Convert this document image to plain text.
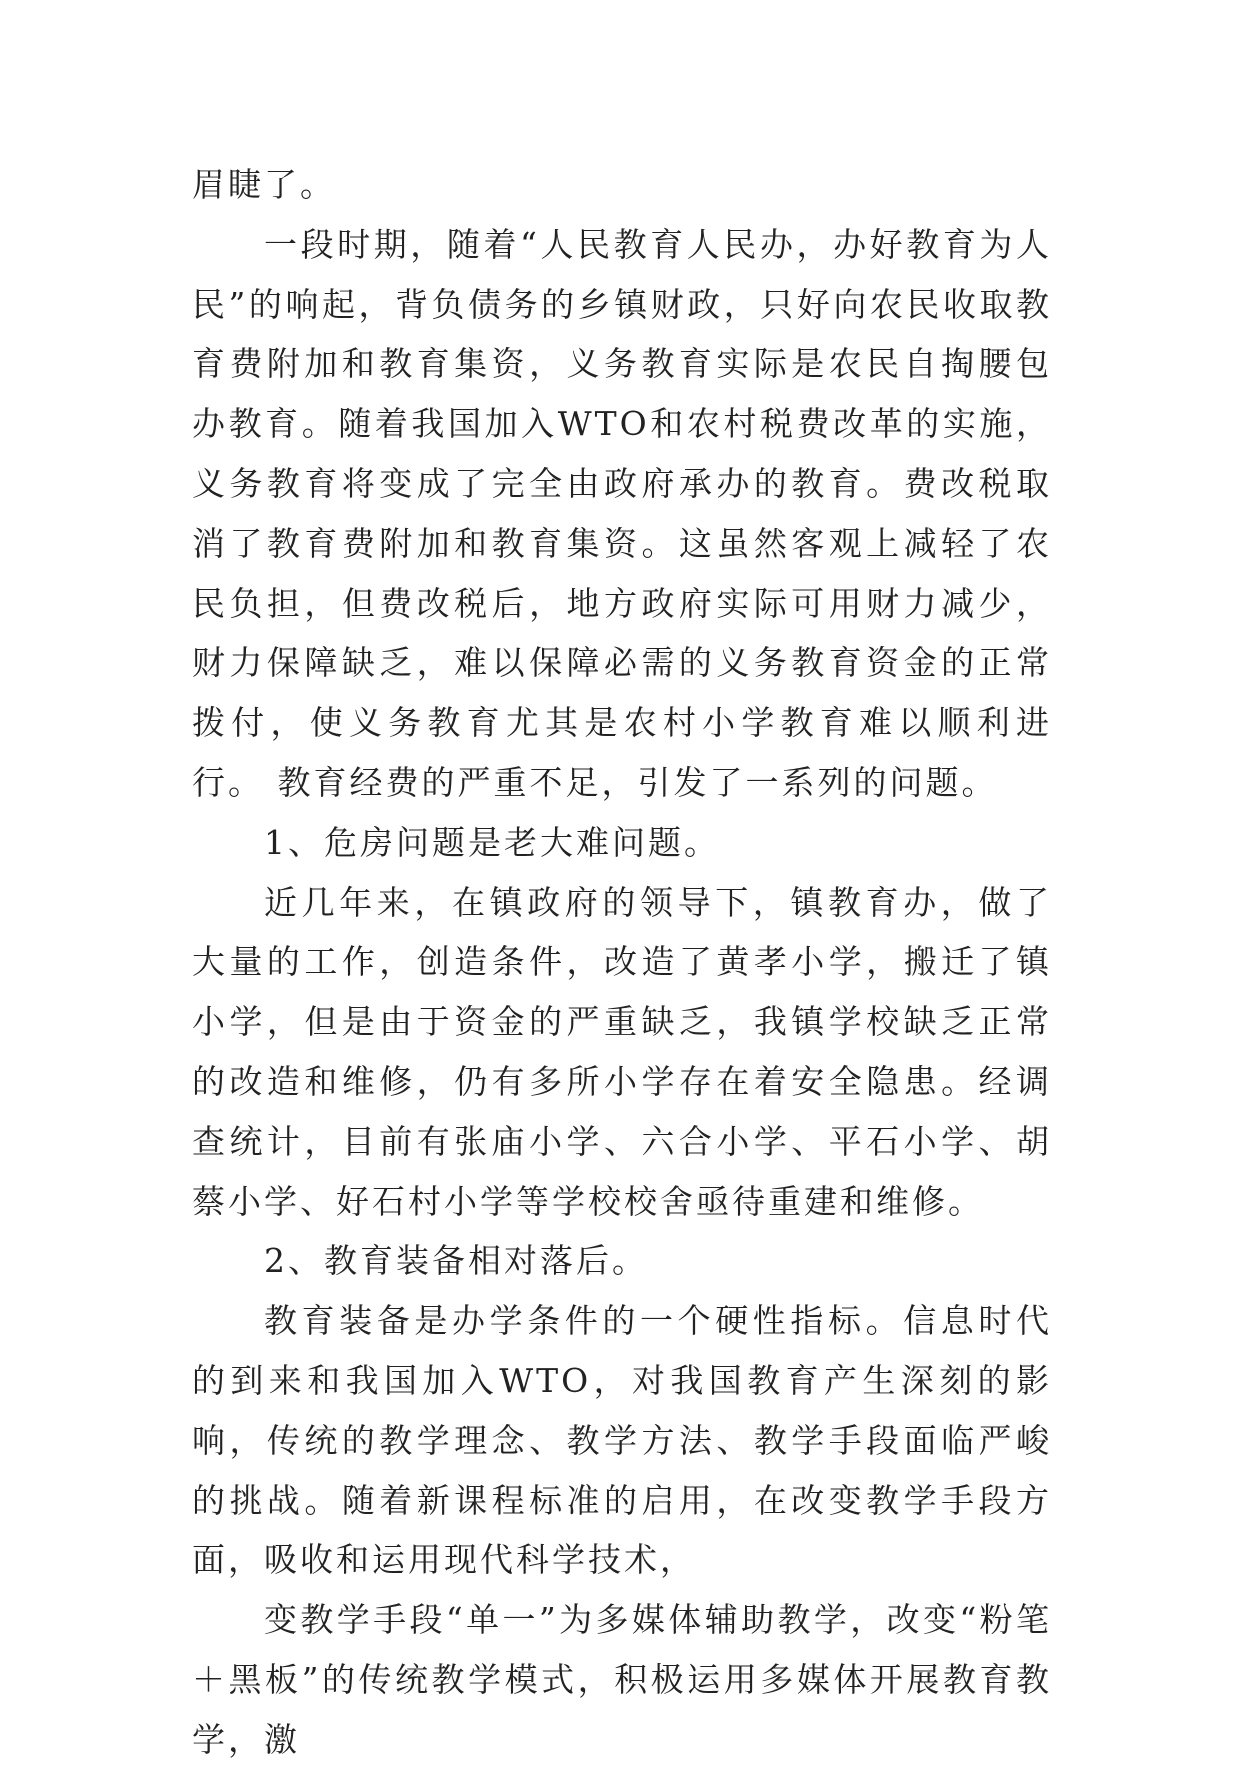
眉睫了。

一段时期，随着“人民教育人民办，办好教育为人民”的响起，背负债务的乡镇财政，只好向农民收取教育费附加和教育集资，义务教育实际是农民自掏腰包办教育。随着我国加入WTO和农村税费改革的实施，义务教育将变成了完全由政府承办的教育。费改税取消了教育费附加和教育集资。这虽然客观上减轻了农民负担，但费改税后，地方政府实际可用财力减少，财力保障缺乏，难以保障必需的义务教育资金的正常拨付，使义务教育尤其是农村小学教育难以顺利进行。 教育经费的严重不足，引发了一系列的问题。

1、危房问题是老大难问题。

近几年来，在镇政府的领导下，镇教育办，做了大量的工作，创造条件，改造了黄孝小学，搬迁了镇小学，但是由于资金的严重缺乏，我镇学校缺乏正常的改造和维修，仍有多所小学存在着安全隐患。经调查统计，目前有张庙小学、六合小学、平石小学、胡蔡小学、好石村小学等学校校舍亟待重建和维修。

2、教育装备相对落后。

教育装备是办学条件的一个硬性指标。信息时代的到来和我国加入WTO，对我国教育产生深刻的影响，传统的教学理念、教学方法、教学手段面临严峻的挑战。随着新课程标准的启用，在改变教学手段方面，吸收和运用现代科学技术，

变教学手段“单一”为多媒体辅助教学，改变“粉笔＋黑板”的传统教学模式，积极运用多媒体开展教育教学，激
